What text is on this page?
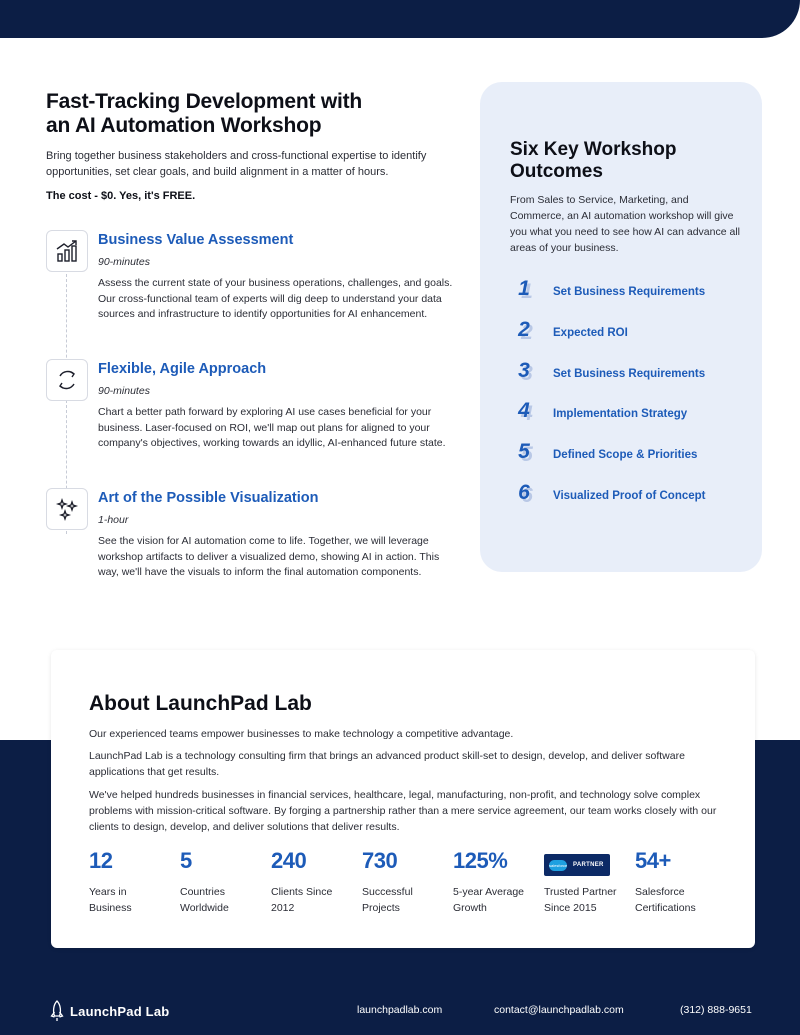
Fast-Tracking Development with
an AI Automation Workshop

Bring together business stakeholders and cross-functional expertise to identify opportunities, set clear goals, and build alignment in a matter of hours.

The cost - $0. Yes, it's FREE.

Business Value Assessment
90-minutes
Assess the current state of your business operations, challenges, and goals. Our cross-functional team of experts will dig deep to understand your data sources and infrastructure to identify opportunities for AI enhancement.
Flexible, Agile Approach
90-minutes
Chart a better path forward by exploring AI use cases beneficial for your business. Laser-focused on ROI, we'll map out plans for aligned to your company's objectives, working towards an idyllic, AI-enhanced future state.
Art of the Possible Visualization
1-hour
See the vision for AI automation come to life. Together, we will leverage workshop artifacts to deliver a visualized demo, showing AI in action. This way, we'll have the visuals to inform the final automation components.
Six Key Workshop
Outcomes

From Sales to Service, Marketing, and Commerce, an AI automation workshop will give you what you need to see how AI can advance all areas of your business.

1	Set Business Requirements
2	Expected ROI
3	Set Business Requirements
4	Implementation Strategy
5	Defined Scope & Priorities
6	Visualized Proof of Concept
About LaunchPad Lab

Our experienced teams empower businesses to make technology a competitive advantage.

LaunchPad Lab is a technology consulting firm that brings an advanced product skill-set to design, develop, and deliver software applications that get results.

We've helped hundreds businesses in financial services, healthcare, legal, manufacturing, non-profit, and technology solve complex problems with mission-critical software. By forging a partnership rather than a mere service agreement, our team works closely with our clients to design, develop, and deliver solutions that deliver results.

12
Years in
Business
5
Countries
Worldwide
240
Clients Since
2012
730
Successful
Projects
125%
5-year Average
Growth
salesforce PARTNER
Trusted Partner
Since 2015
54+
Salesforce
Certifications
LaunchPad Lab	launchpadlab.com	contact@launchpadlab.com	(312) 888-9651
